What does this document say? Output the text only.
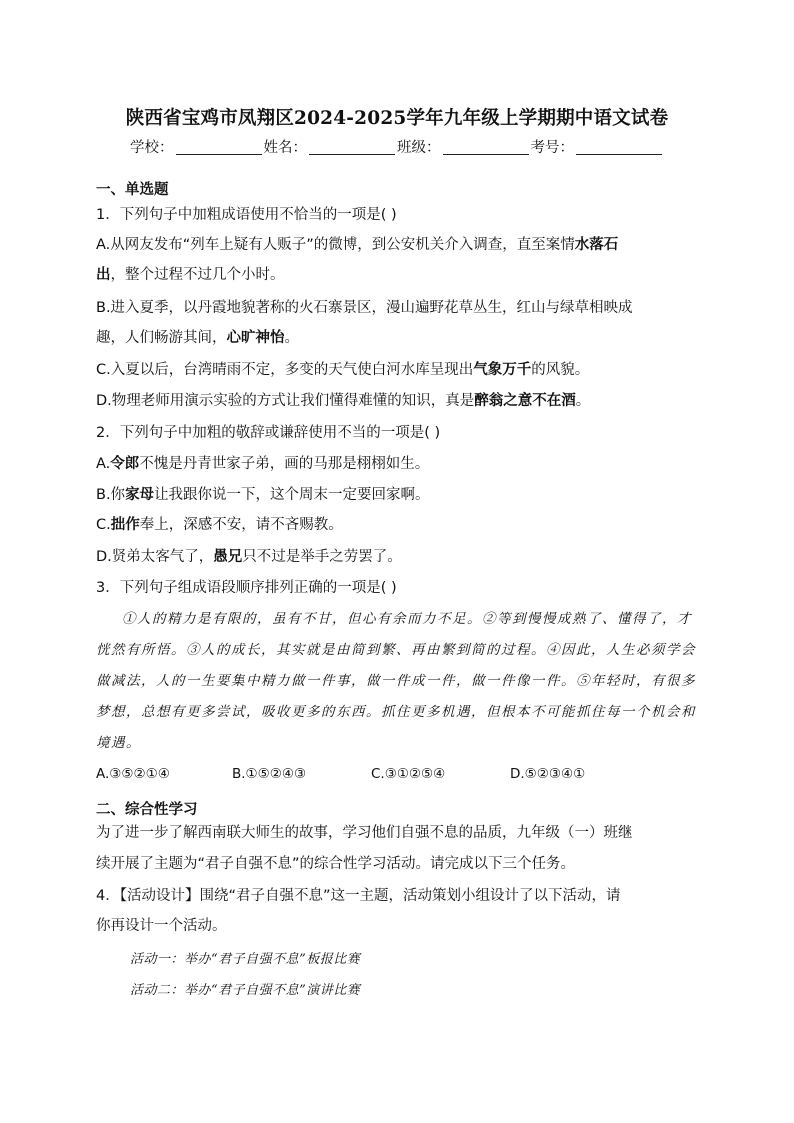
陕西省宝鸡市凤翔区2024-2025学年九年级上学期期中语文试卷
学校：	姓名：	班级：	考号：
一、单选题
1．下列句子中加粗成语使用不恰当的一项是( )
A.从网友发布“列车上疑有人贩子”的微博，到公安机关介入调查，直至案情水落石
出，整个过程不过几个小时。
B.进入夏季，以丹霞地貌著称的火石寨景区，漫山遍野花草丛生，红山与绿草相映成
趣，人们畅游其间，心旷神怡。
C.入夏以后，台湾晴雨不定，多变的天气使白河水库呈现出气象万千的风貌。
D.物理老师用演示实验的方式让我们懂得难懂的知识，真是醉翁之意不在酒。
2．下列句子中加粗的敬辞或谦辞使用不当的一项是( )
A.令郎不愧是丹青世家子弟，画的马那是栩栩如生。
B.你家母让我跟你说一下，这个周末一定要回家啊。
C.拙作奉上，深感不安，请不吝赐教。
D.贤弟太客气了，愚兄只不过是举手之劳罢了。
3．下列句子组成语段顺序排列正确的一项是( )
①人的精力是有限的，虽有不甘，但心有余而力不足。②等到慢慢成熟了、懂得了，才恍然有所悟。③人的成长，其实就是由简到繁、再由繁到简的过程。④因此，人生必须学会做减法，人的一生要集中精力做一件事，做一件成一件，做一件像一件。⑤年轻时，有很多梦想，总想有更多尝试，吸收更多的东西。抓住更多机遇，但根本不可能抓住每一个机会和境遇。
A.③⑤②①④	B.①⑤②④③	C.③①②⑤④	D.⑤②③④①
二、综合性学习
为了进一步了解西南联大师生的故事，学习他们自强不息的品质，九年级（一）班继
续开展了主题为“君子自强不息”的综合性学习活动。请完成以下三个任务。
4．【活动设计】围绕“君子自强不息”这一主题，活动策划小组设计了以下活动，请
你再设计一个活动。
活动一：举办“君子自强不息”板报比赛
活动二：举办“君子自强不息”演讲比赛
